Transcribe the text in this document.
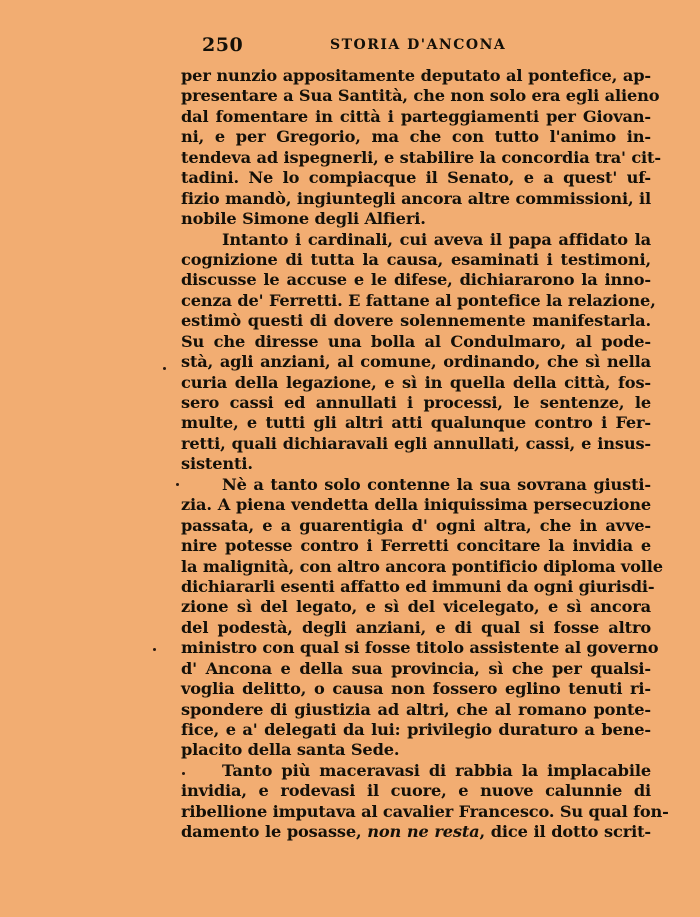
250	STORIA D'ANCONA
per nunzio appositamente deputato al pontefice, ap-
presentare a Sua Santità, che non solo era egli alieno
dal fomentare in città i parteggiamenti per Giovan-
ni, e per Gregorio, ma che con tutto l'animo in-
tendeva ad ispegnerli, e stabilire la concordia tra' cit-
tadini. Ne lo compiacque il Senato, e a quest' uf-
fizio mandò, ingiuntegli ancora altre commissioni, il
nobile Simone degli Alfieri.
Intanto i cardinali, cui aveva il papa affidato la
cognizione di tutta la causa, esaminati i testimoni,
discusse le accuse e le difese, dichiararono la inno-
cenza de' Ferretti. E fattane al pontefice la relazione,
estimò questi di dovere solennemente manifestarla.
Su che diresse una bolla al Condulmaro, al pode-
stà, agli anziani, al comune, ordinando, che sì nella
curia della legazione, e sì in quella della città, fos-
sero cassi ed annullati i processi, le sentenze, le
multe, e tutti gli altri atti qualunque contro i Fer-
retti, quali dichiaravali egli annullati, cassi, e insus-
sistenti.
Nè a tanto solo contenne la sua sovrana giusti-
zia. A piena vendetta della iniquissima persecuzione
passata, e a guarentigia d' ogni altra, che in avve-
nire potesse contro i Ferretti concitare la invidia e
la malignità, con altro ancora pontificio diploma volle
dichiararli esenti affatto ed immuni da ogni giurisdi-
zione sì del legato, e sì del vicelegato, e sì ancora
del podestà, degli anziani, e di qual si fosse altro
ministro con qual si fosse titolo assistente al governo
d' Ancona e della sua provincia, sì che per qualsi-
voglia delitto, o causa non fossero eglino tenuti ri-
spondere di giustizia ad altri, che al romano ponte-
fice, e a' delegati da lui: privilegio duraturo a bene-
placito della santa Sede.
Tanto più maceravasi di rabbia la implacabile
invidia, e rodevasi il cuore, e nuove calunnie di
ribellione imputava al cavalier Francesco. Su qual fon-
damento le posasse, non ne resta, dice il dotto scrit-
